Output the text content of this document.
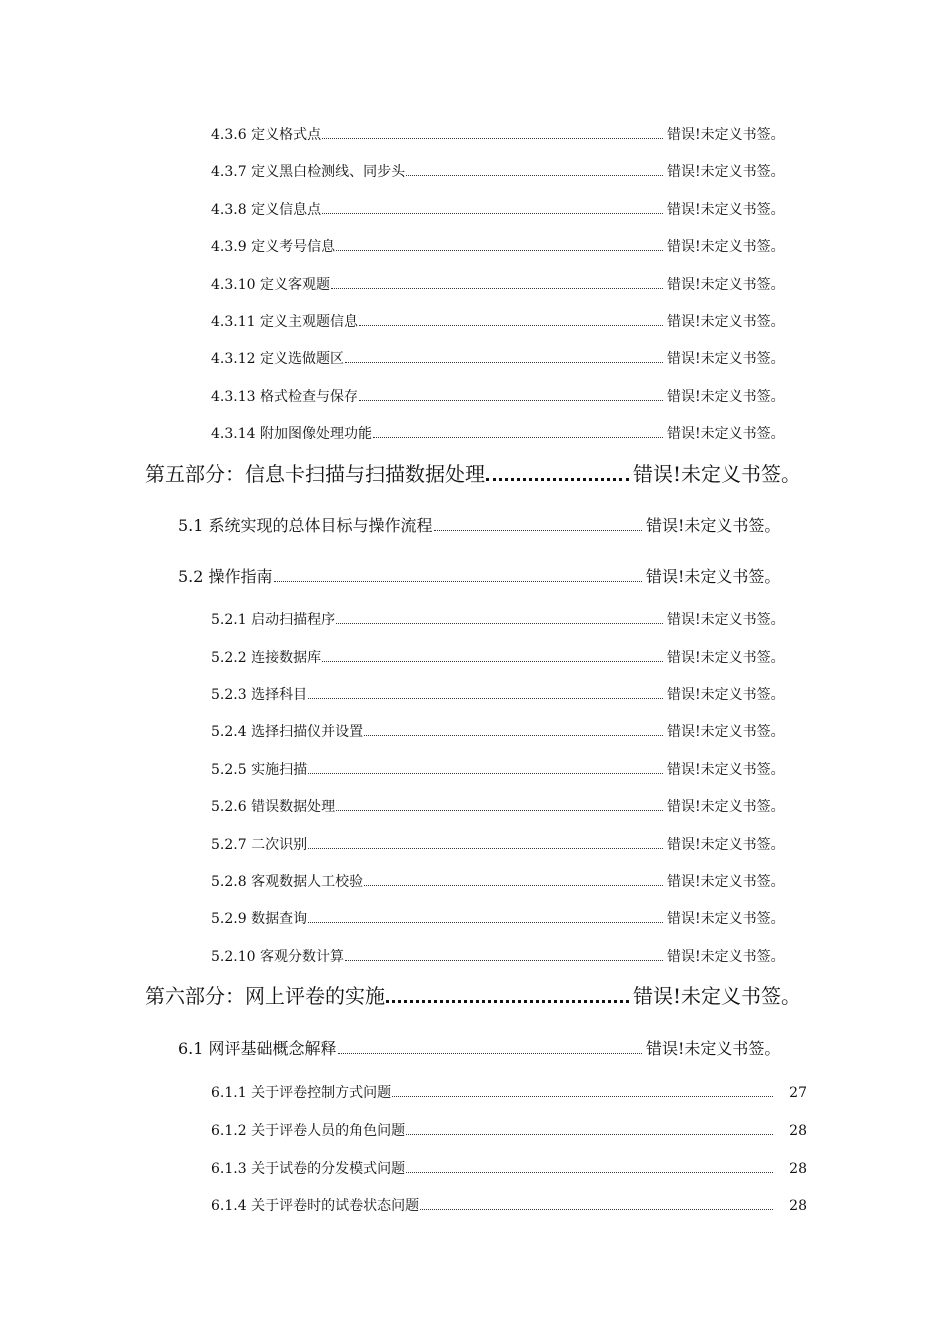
4.3.6 定义格式点	错误!未定义书签。
4.3.7 定义黑白检测线、同步头	错误!未定义书签。
4.3.8 定义信息点	错误!未定义书签。
4.3.9 定义考号信息	错误!未定义书签。
4.3.10 定义客观题	错误!未定义书签。
4.3.11 定义主观题信息	错误!未定义书签。
4.3.12 定义选做题区	错误!未定义书签。
4.3.13 格式检查与保存	错误!未定义书签。
4.3.14 附加图像处理功能	错误!未定义书签。
第五部分：信息卡扫描与扫描数据处理	错误!未定义书签。
5.1 系统实现的总体目标与操作流程	错误!未定义书签。
5.2 操作指南	错误!未定义书签。
5.2.1 启动扫描程序	错误!未定义书签。
5.2.2 连接数据库	错误!未定义书签。
5.2.3 选择科目	错误!未定义书签。
5.2.4 选择扫描仪并设置	错误!未定义书签。
5.2.5 实施扫描	错误!未定义书签。
5.2.6 错误数据处理	错误!未定义书签。
5.2.7 二次识别	错误!未定义书签。
5.2.8 客观数据人工校验	错误!未定义书签。
5.2.9 数据查询	错误!未定义书签。
5.2.10 客观分数计算	错误!未定义书签。
第六部分：网上评卷的实施	错误!未定义书签。
6.1 网评基础概念解释	错误!未定义书签。
6.1.1 关于评卷控制方式问题	27
6.1.2 关于评卷人员的角色问题	28
6.1.3 关于试卷的分发模式问题	28
6.1.4 关于评卷时的试卷状态问题	28
